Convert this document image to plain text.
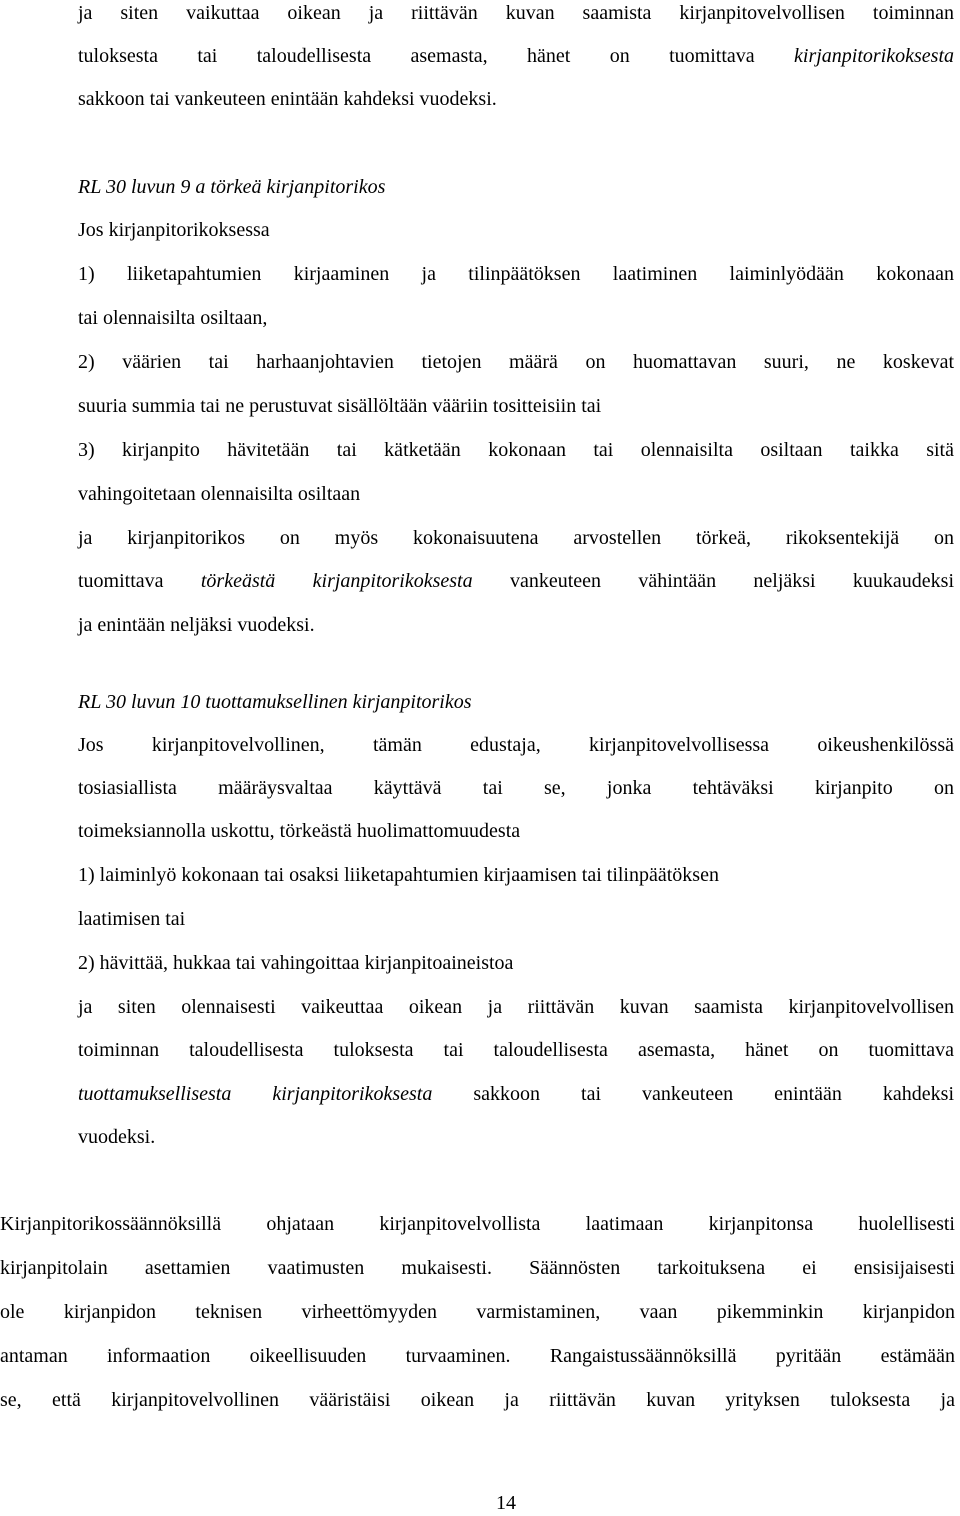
ja siten vaikuttaa oikean ja riittävän kuvan saamista kirjanpitovelvollisen toiminnan
tuloksesta tai taloudellisesta asemasta, hänet on tuomittava kirjanpitorikoksesta
sakkoon tai vankeuteen enintään kahdeksi vuodeksi.
RL 30 luvun 9 a törkeä kirjanpitorikos
Jos kirjanpitorikoksessa
1) liiketapahtumien kirjaaminen ja tilinpäätöksen laatiminen laiminlyödään kokonaan
tai olennaisilta osiltaan,
2) väärien tai harhaanjohtavien tietojen määrä on huomattavan suuri, ne koskevat
suuria summia tai ne perustuvat sisällöltään vääriin tositteisiin tai
3) kirjanpito hävitetään tai kätketään kokonaan tai olennaisilta osiltaan taikka sitä
vahingoitetaan olennaisilta osiltaan
ja kirjanpitorikos on myös kokonaisuutena arvostellen törkeä, rikoksentekijä on
tuomittava törkeästä kirjanpitorikoksesta vankeuteen vähintään neljäksi kuukaudeksi
ja enintään neljäksi vuodeksi.
RL 30 luvun 10 tuottamuksellinen kirjanpitorikos
Jos kirjanpitovelvollinen, tämän edustaja, kirjanpitovelvollisessa oikeushenkilössä
tosiasiallista määräysvaltaa käyttävä tai se, jonka tehtäväksi kirjanpito on
toimeksiannolla uskottu, törkeästä huolimattomuudesta
1) laiminlyö kokonaan tai osaksi liiketapahtumien kirjaamisen tai tilinpäätöksen
laatimisen tai
2) hävittää, hukkaa tai vahingoittaa kirjanpitoaineistoa
ja siten olennaisesti vaikeuttaa oikean ja riittävän kuvan saamista kirjanpitovelvollisen
toiminnan taloudellisesta tuloksesta tai taloudellisesta asemasta, hänet on tuomittava
tuottamuksellisesta kirjanpitorikoksesta sakkoon tai vankeuteen enintään kahdeksi
vuodeksi.
Kirjanpitorikossäännöksillä ohjataan kirjanpitovelvollista laatimaan kirjanpitonsa huolellisesti
kirjanpitolain asettamien vaatimusten mukaisesti. Säännösten tarkoituksena ei ensisijaisesti
ole kirjanpidon teknisen virheettömyyden varmistaminen, vaan pikemminkin kirjanpidon
antaman informaation oikeellisuuden turvaaminen. Rangaistussäännöksillä pyritään estämään
se, että kirjanpitovelvollinen vääristäisi oikean ja riittävän kuvan yrityksen tuloksesta ja
14
